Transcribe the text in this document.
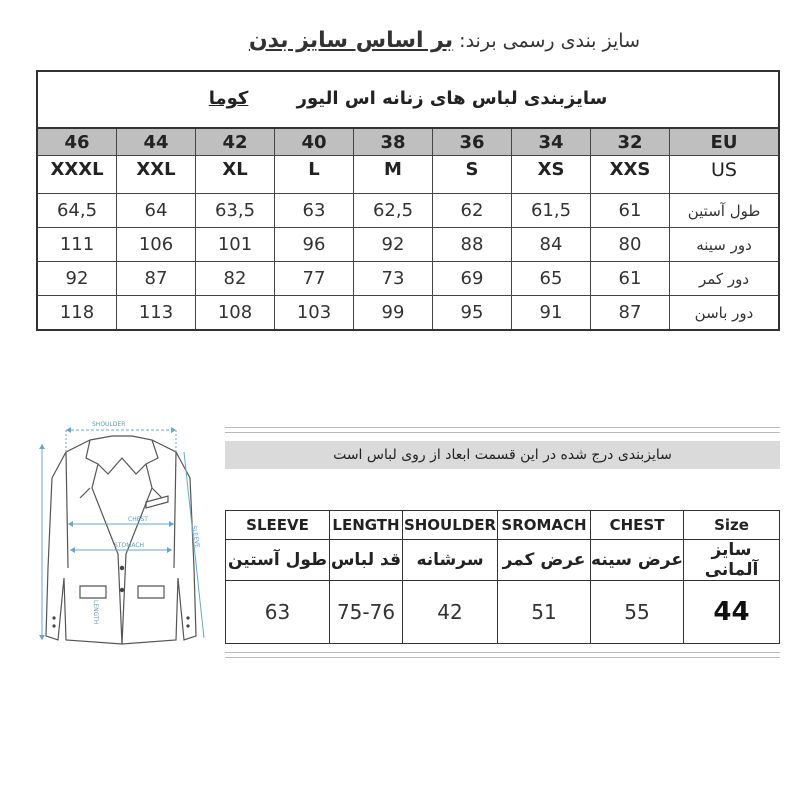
سایز بندی رسمی برند: بر اساس سایز بدن
سایزبندی لباس های زنانه اس الیور کوما								

46	44	42	40	38	36	34	32	EU
XXXL	XXL	XL	L	M	S	XS	XXS	US
64,5	64	63,5	63	62,5	62	61,5	61	طول آستین
111	106	101	96	92	88	84	80	دور سینه
92	87	82	77	73	69	65	61	دور کمر
118	113	108	103	99	95	91	87	دور باسن
SHOULDER
CHEST
STOMACH
LENGTH
SLEEVE
سایزبندی درج شده در این قسمت ابعاد از روی لباس است
SLEEVE	LENGTH	SHOULDER	SROMACH	CHEST	Size
طول آستین	قد لباس	سرشانه	عرض کمر	عرض سینه	سایز آلمانی
63	75-76	42	51	55	44
